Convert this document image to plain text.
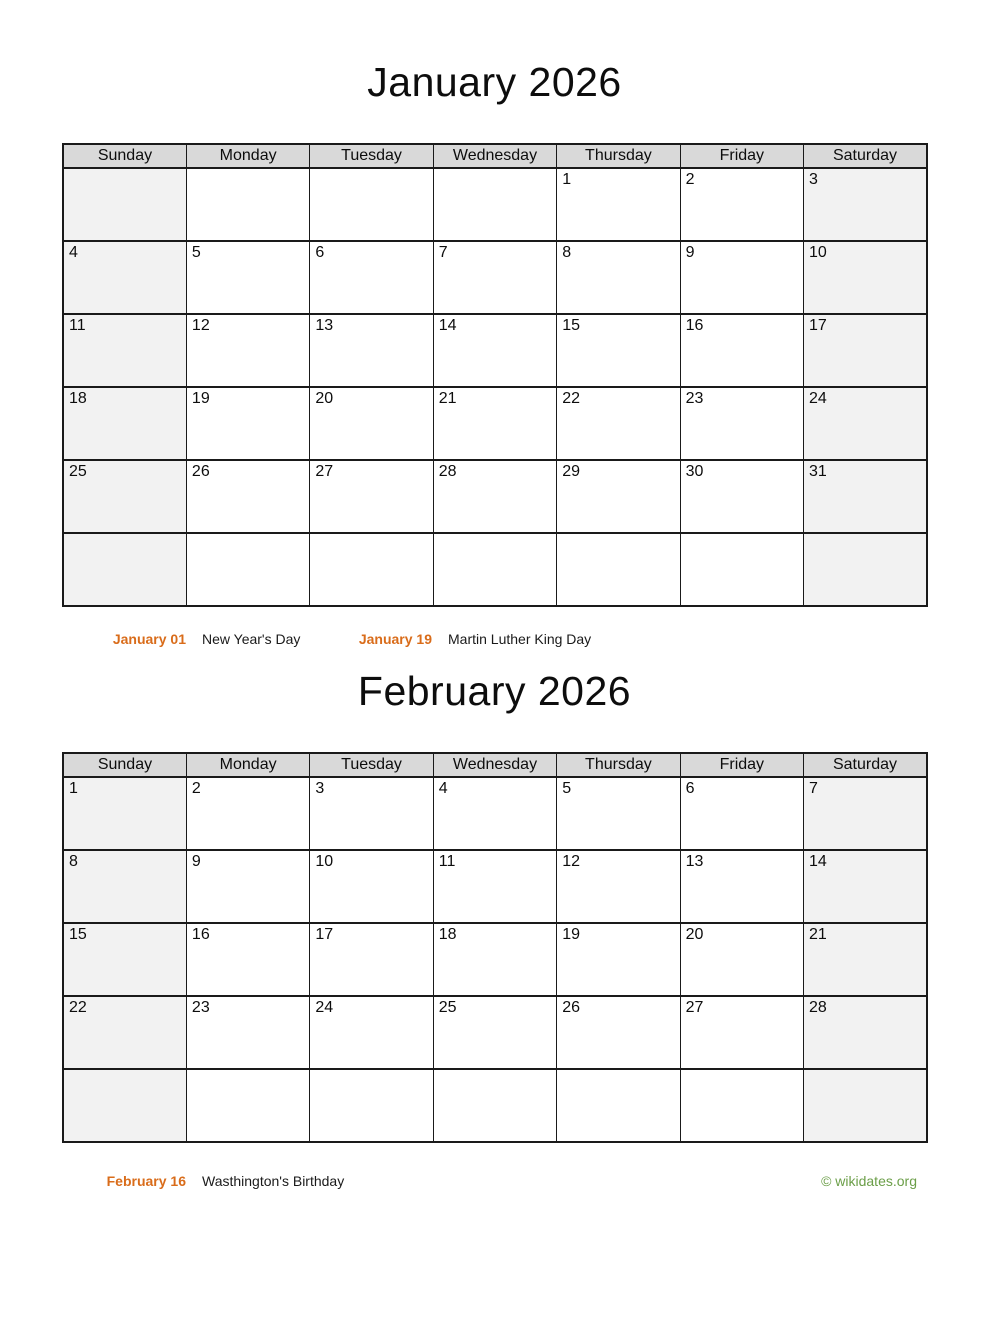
January 2026
Sunday	Monday	Tuesday	Wednesday	Thursday	Friday	Saturday
				1	2	3
4	5	6	7	8	9	10
11	12	13	14	15	16	17
18	19	20	21	22	23	24
25	26	27	28	29	30	31

January 01 New Year's Day	January 19 Martin Luther King Day
February 2026
Sunday	Monday	Tuesday	Wednesday	Thursday	Friday	Saturday
1	2	3	4	5	6	7
8	9	10	11	12	13	14
15	16	17	18	19	20	21
22	23	24	25	26	27	28

February 16 Wasthington's Birthday	© wikidates.org
